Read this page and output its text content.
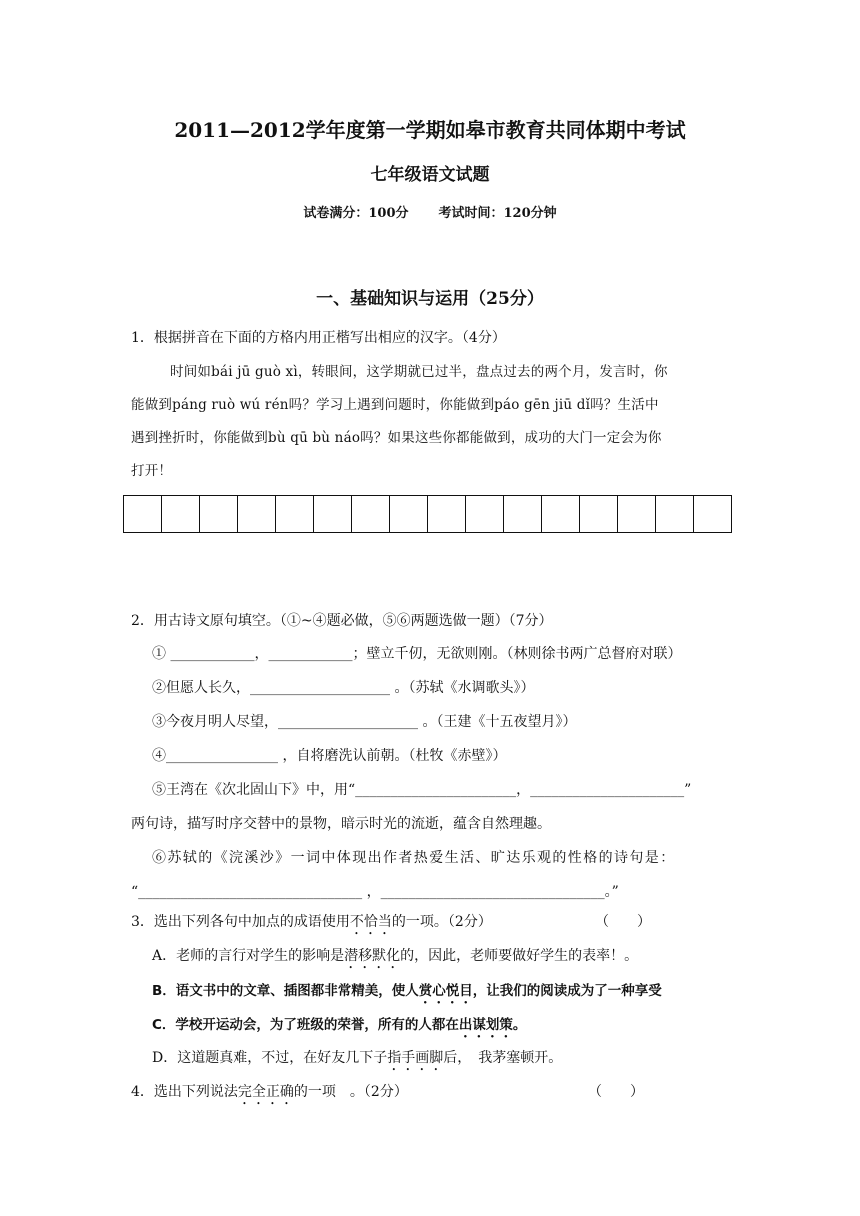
2011—2012学年度第一学期如皋市教育共同体期中考试
七年级语文试题
试卷满分：100分 考试时间：120分钟
一、基础知识与运用（25分）
1．根据拼音在下面的方格内用正楷写出相应的汉字。（4分）
时间如bái jū guò xì，转眼间，这学期就已过半，盘点过去的两个月，发言时，你
能做到páng ruò wú rén吗？学习上遇到问题时，你能做到páo gēn jiū dǐ吗？生活中
遇到挫折时，你能做到bù qū bù náo吗？如果这些你都能做到，成功的大门一定会为你
打开！
2．用古诗文原句填空。（①~④题必做，⑤⑥两题选做一题）（7分）
① ____________，____________；壁立千仞，无欲则刚。（林则徐书两广总督府对联）
②但愿人长久，____________________ 。（苏轼《水调歌头》）
③今夜月明人尽望，____________________ 。（王建《十五夜望月》）
④________________ ，自将磨洗认前朝。（杜牧《赤壁》）
⑤王湾在《次北固山下》中，用“_______________________，______________________”
两句诗，描写时序交替中的景物，暗示时光的流逝，蕴含自然理趣。
⑥苏轼的《浣溪沙》一词中体现出作者热爱生活、旷达乐观的性格的诗句是：
“________________________________ ，________________________________。”
3．选出下列各句中加点的成语使用不恰当的一项。（2分）	（　　）
A．老师的言行对学生的影响是潜移默化的，因此，老师要做好学生的表率！。
B．语文书中的文章、插图都非常精美，使人赏心悦目，让我们的阅读成为了一种享受
C．学校开运动会，为了班级的荣誉，所有的人都在出谋划策。
D．这道题真难，不过，在好友几下子指手画脚后，　我茅塞顿开。
4．选出下列说法完全正确的一项　。（2分）	（　　）
